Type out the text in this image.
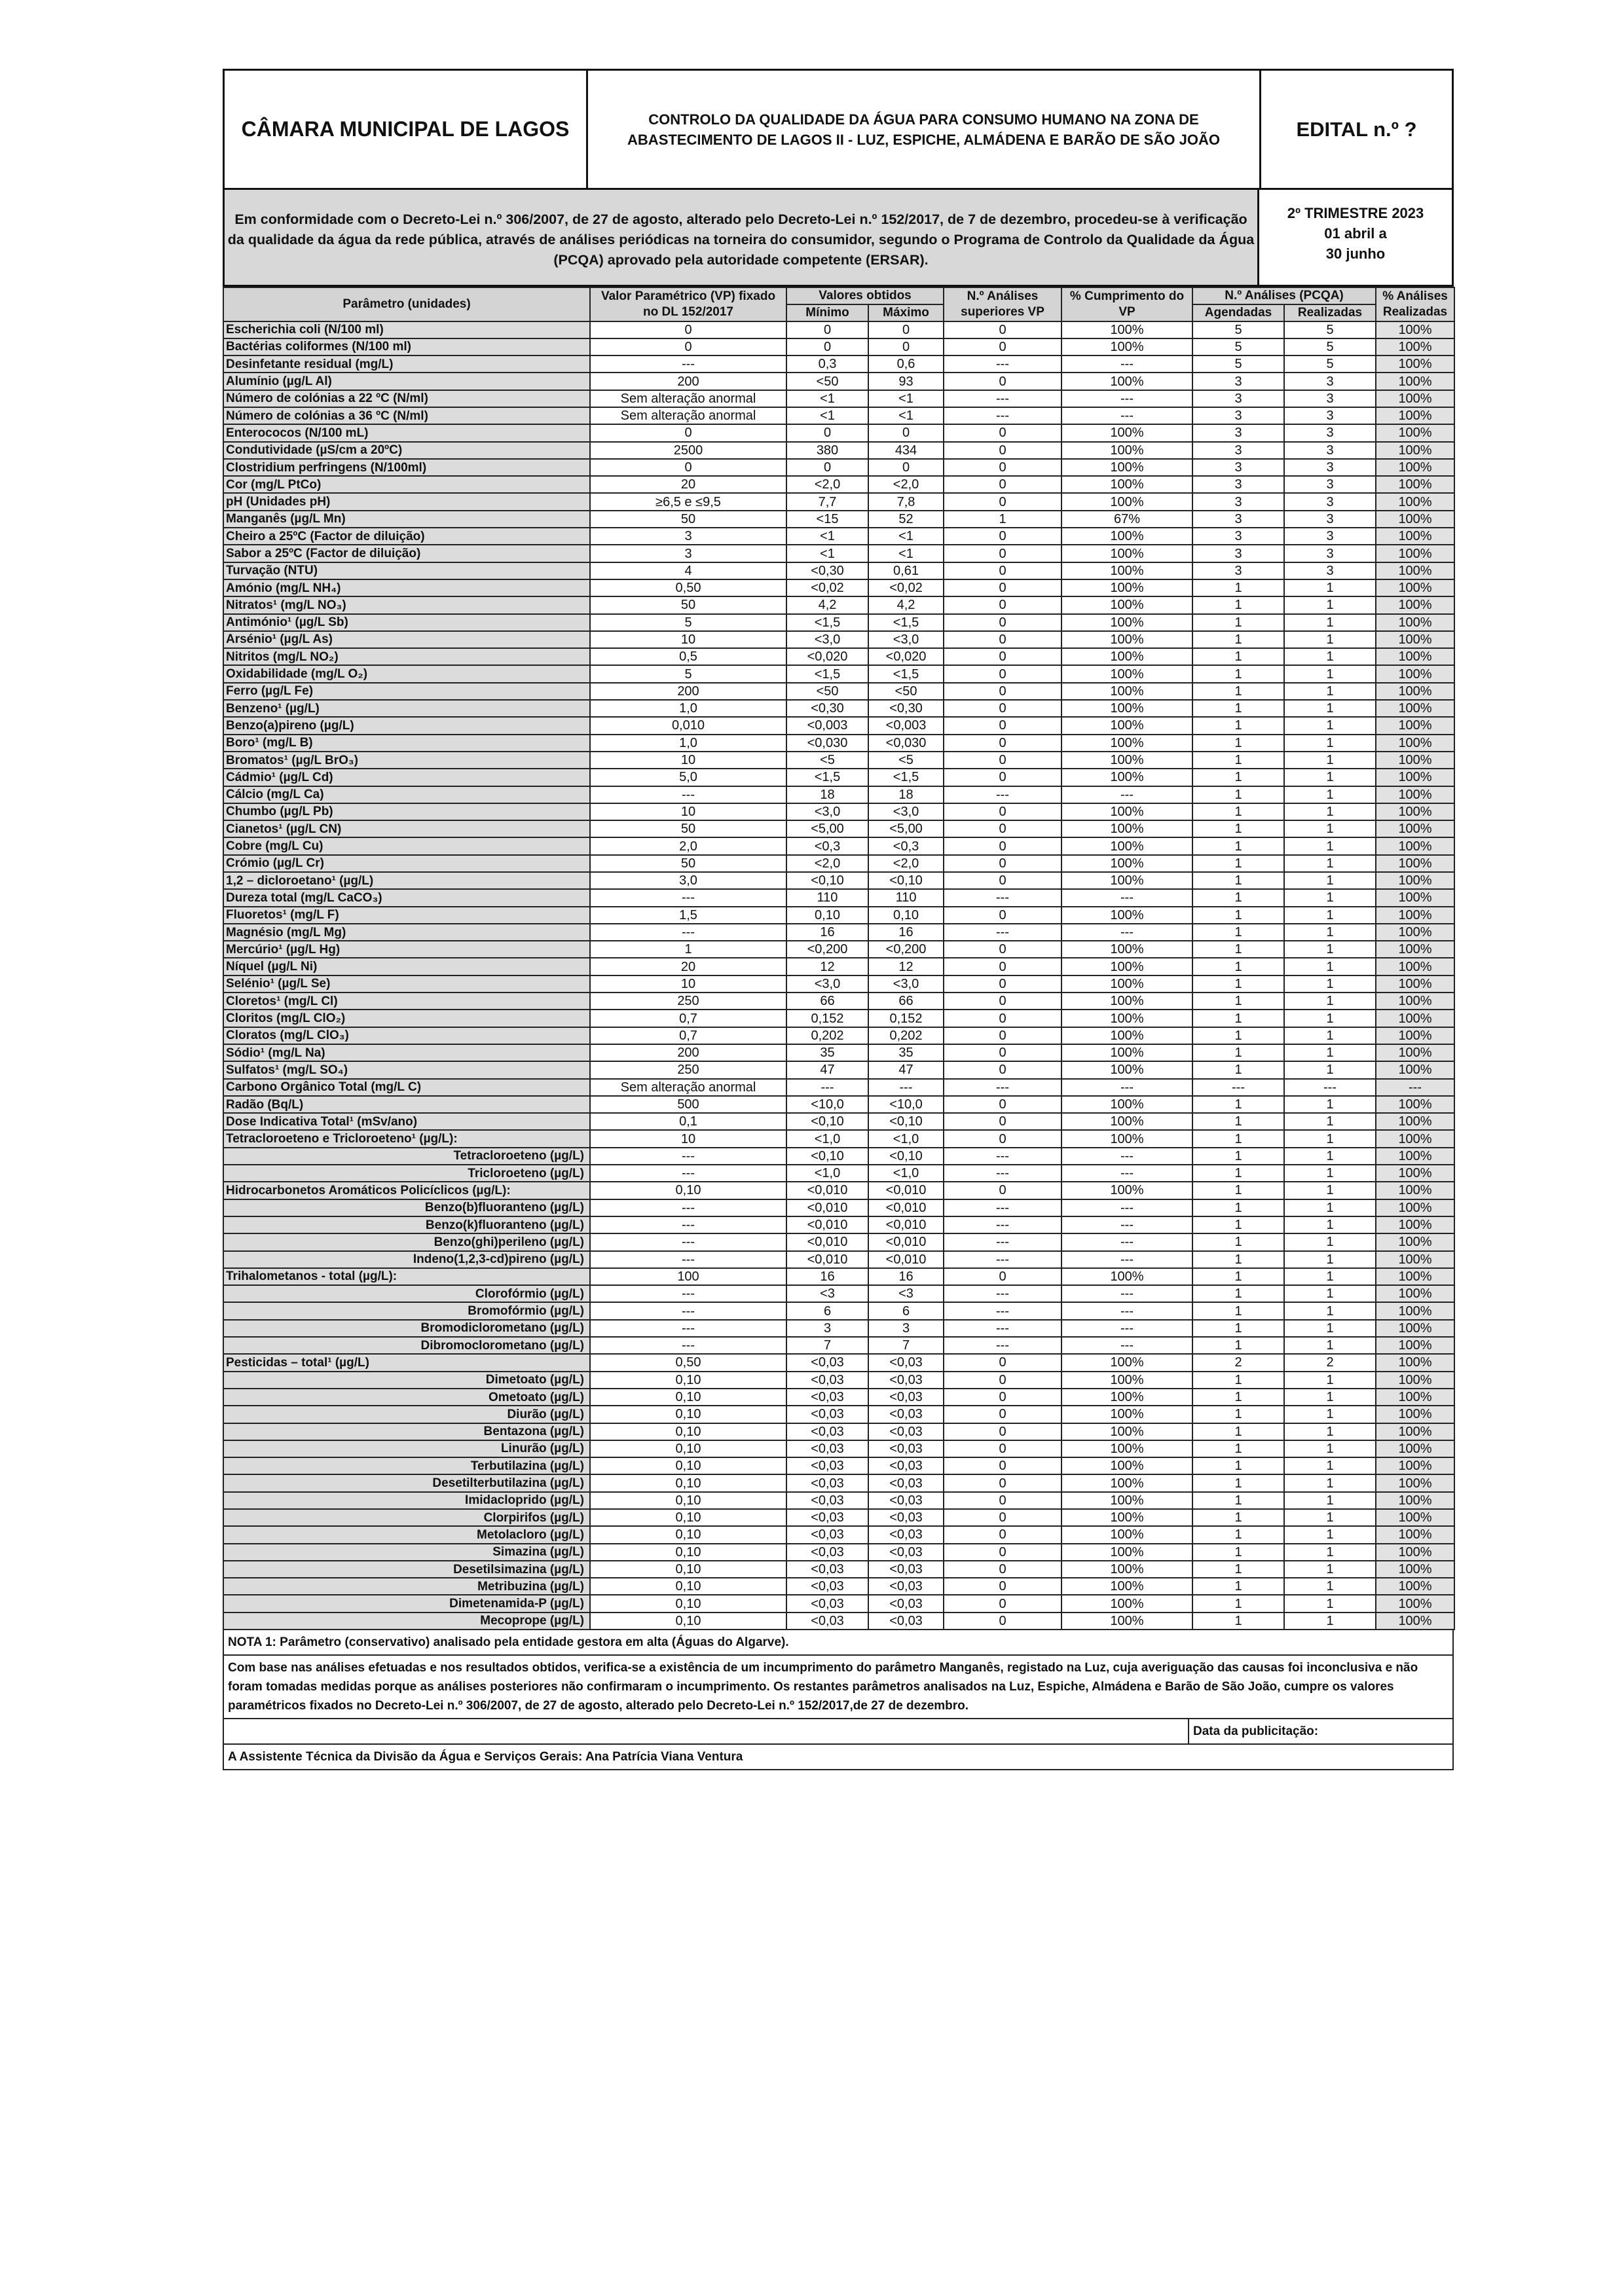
CÂMARA MUNICIPAL DE LAGOS	CONTROLO DA QUALIDADE DA ÁGUA PARA CONSUMO HUMANO NA ZONA DE ABASTECIMENTO DE LAGOS II - LUZ, ESPICHE, ALMÁDENA E BARÃO DE SÃO JOÃO	EDITAL n.º ?
Em conformidade com o Decreto-Lei n.º 306/2007, de 27 de agosto, alterado pelo Decreto-Lei n.º 152/2017, de 7 de dezembro, procedeu-se à verificação da qualidade da água da rede pública, através de análises periódicas na torneira do consumidor, segundo o Programa de Controlo da Qualidade da Água (PCQA) aprovado pela autoridade competente (ERSAR).
2º TRIMESTRE 2023
01 abril a
30 junho
Parâmetro (unidades)	Valor Paramétrico (VP) fixado no DL 152/2017	Valores obtidos		N.º Análises superiores VP	% Cumprimento do VP	N.º Análises (PCQA)		% Análises Realizadas
		Mínimo	Máximo			Agendadas	Realizadas	
Escherichia coli (N/100 ml)	0	0	0	0	100%	5	5	100%
Bactérias coliformes (N/100 ml)	0	0	0	0	100%	5	5	100%
Desinfetante residual (mg/L)	---	0,3	0,6	---	---	5	5	100%
Alumínio (µg/L Al)	200	<50	93	0	100%	3	3	100%
Número de colónias a 22 ºC (N/ml)	Sem alteração anormal	<1	<1	---	---	3	3	100%
Número de colónias a 36 ºC (N/ml)	Sem alteração anormal	<1	<1	---	---	3	3	100%
Enterococos (N/100 mL)	0	0	0	0	100%	3	3	100%
Condutividade (µS/cm a 20ºC)	2500	380	434	0	100%	3	3	100%
Clostridium perfringens (N/100ml)	0	0	0	0	100%	3	3	100%
Cor (mg/L PtCo)	20	<2,0	<2,0	0	100%	3	3	100%
pH (Unidades pH)	≥6,5 e ≤9,5	7,7	7,8	0	100%	3	3	100%
Manganês (µg/L Mn)	50	<15	52	1	67%	3	3	100%
Cheiro a 25ºC (Factor de diluição)	3	<1	<1	0	100%	3	3	100%
Sabor a 25ºC (Factor de diluição)	3	<1	<1	0	100%	3	3	100%
Turvação (NTU)	4	<0,30	0,61	0	100%	3	3	100%
Amónio (mg/L NH₄)	0,50	<0,02	<0,02	0	100%	1	1	100%
Nitratos¹ (mg/L NO₃)	50	4,2	4,2	0	100%	1	1	100%
Antimónio¹ (µg/L Sb)	5	<1,5	<1,5	0	100%	1	1	100%
Arsénio¹ (µg/L As)	10	<3,0	<3,0	0	100%	1	1	100%
Nitritos (mg/L NO₂)	0,5	<0,020	<0,020	0	100%	1	1	100%
Oxidabilidade (mg/L O₂)	5	<1,5	<1,5	0	100%	1	1	100%
Ferro (µg/L Fe)	200	<50	<50	0	100%	1	1	100%
Benzeno¹ (µg/L)	1,0	<0,30	<0,30	0	100%	1	1	100%
Benzo(a)pireno (µg/L)	0,010	<0,003	<0,003	0	100%	1	1	100%
Boro¹ (mg/L B)	1,0	<0,030	<0,030	0	100%	1	1	100%
Bromatos¹ (µg/L BrO₃)	10	<5	<5	0	100%	1	1	100%
Cádmio¹ (µg/L Cd)	5,0	<1,5	<1,5	0	100%	1	1	100%
Cálcio (mg/L Ca)	---	18	18	---	---	1	1	100%
Chumbo (µg/L Pb)	10	<3,0	<3,0	0	100%	1	1	100%
Cianetos¹ (µg/L CN)	50	<5,00	<5,00	0	100%	1	1	100%
Cobre (mg/L Cu)	2,0	<0,3	<0,3	0	100%	1	1	100%
Crómio (µg/L Cr)	50	<2,0	<2,0	0	100%	1	1	100%
1,2 – dicloroetano¹ (µg/L)	3,0	<0,10	<0,10	0	100%	1	1	100%
Dureza total (mg/L CaCO₃)	---	110	110	---	---	1	1	100%
Fluoretos¹ (mg/L F)	1,5	0,10	0,10	0	100%	1	1	100%
Magnésio (mg/L Mg)	---	16	16	---	---	1	1	100%
Mercúrio¹ (µg/L Hg)	1	<0,200	<0,200	0	100%	1	1	100%
Níquel (µg/L Ni)	20	12	12	0	100%	1	1	100%
Selénio¹ (µg/L Se)	10	<3,0	<3,0	0	100%	1	1	100%
Cloretos¹ (mg/L Cl)	250	66	66	0	100%	1	1	100%
Cloritos (mg/L ClO₂)	0,7	0,152	0,152	0	100%	1	1	100%
Cloratos (mg/L ClO₃)	0,7	0,202	0,202	0	100%	1	1	100%
Sódio¹ (mg/L Na)	200	35	35	0	100%	1	1	100%
Sulfatos¹ (mg/L SO₄)	250	47	47	0	100%	1	1	100%
Carbono Orgânico Total (mg/L C)	Sem alteração anormal	---	---	---	---	---	---	---
Radão (Bq/L)	500	<10,0	<10,0	0	100%	1	1	100%
Dose Indicativa Total¹ (mSv/ano)	0,1	<0,10	<0,10	0	100%	1	1	100%
Tetracloroeteno e Tricloroeteno¹ (µg/L):	10	<1,0	<1,0	0	100%	1	1	100%
Tetracloroeteno (µg/L)	---	<0,10	<0,10	---	---	1	1	100%
Tricloroeteno (µg/L)	---	<1,0	<1,0	---	---	1	1	100%
Hidrocarbonetos Aromáticos Policíclicos (µg/L):	0,10	<0,010	<0,010	0	100%	1	1	100%
Benzo(b)fluoranteno (µg/L)	---	<0,010	<0,010	---	---	1	1	100%
Benzo(k)fluoranteno (µg/L)	---	<0,010	<0,010	---	---	1	1	100%
Benzo(ghi)perileno (µg/L)	---	<0,010	<0,010	---	---	1	1	100%
Indeno(1,2,3-cd)pireno (µg/L)	---	<0,010	<0,010	---	---	1	1	100%
Trihalometanos - total (µg/L):	100	16	16	0	100%	1	1	100%
Clorofórmio (µg/L)	---	<3	<3	---	---	1	1	100%
Bromofórmio (µg/L)	---	6	6	---	---	1	1	100%
Bromodiclorometano (µg/L)	---	3	3	---	---	1	1	100%
Dibromoclorometano (µg/L)	---	7	7	---	---	1	1	100%
Pesticidas – total¹ (µg/L)	0,50	<0,03	<0,03	0	100%	2	2	100%
Dimetoato (µg/L)	0,10	<0,03	<0,03	0	100%	1	1	100%
Ometoato (µg/L)	0,10	<0,03	<0,03	0	100%	1	1	100%
Diurão (µg/L)	0,10	<0,03	<0,03	0	100%	1	1	100%
Bentazona (µg/L)	0,10	<0,03	<0,03	0	100%	1	1	100%
Linurão (µg/L)	0,10	<0,03	<0,03	0	100%	1	1	100%
Terbutilazina (µg/L)	0,10	<0,03	<0,03	0	100%	1	1	100%
Desetilterbutilazina (µg/L)	0,10	<0,03	<0,03	0	100%	1	1	100%
Imidacloprido (µg/L)	0,10	<0,03	<0,03	0	100%	1	1	100%
Clorpirifos (µg/L)	0,10	<0,03	<0,03	0	100%	1	1	100%
Metolacloro (µg/L)	0,10	<0,03	<0,03	0	100%	1	1	100%
Simazina (µg/L)	0,10	<0,03	<0,03	0	100%	1	1	100%
Desetilsimazina (µg/L)	0,10	<0,03	<0,03	0	100%	1	1	100%
Metribuzina (µg/L)	0,10	<0,03	<0,03	0	100%	1	1	100%
Dimetenamida-P (µg/L)	0,10	<0,03	<0,03	0	100%	1	1	100%
Mecoprope (µg/L)	0,10	<0,03	<0,03	0	100%	1	1	100%
NOTA 1: Parâmetro (conservativo) analisado pela entidade gestora em alta (Águas do Algarve).
Com base nas análises efetuadas e nos resultados obtidos, verifica-se a existência de um incumprimento do parâmetro Manganês, registado na Luz, cuja averiguação das causas foi inconclusiva e não foram tomadas medidas porque as análises posteriores não confirmaram o incumprimento. Os restantes parâmetros analisados na Luz, Espiche, Almádena e Barão de São João, cumpre os valores paramétricos fixados no Decreto-Lei n.º 306/2007, de 27 de agosto, alterado pelo Decreto-Lei n.º 152/2017,de 27 de dezembro.
Data da publicitação:
A Assistente Técnica da Divisão da Água e Serviços Gerais: Ana Patrícia Viana Ventura
